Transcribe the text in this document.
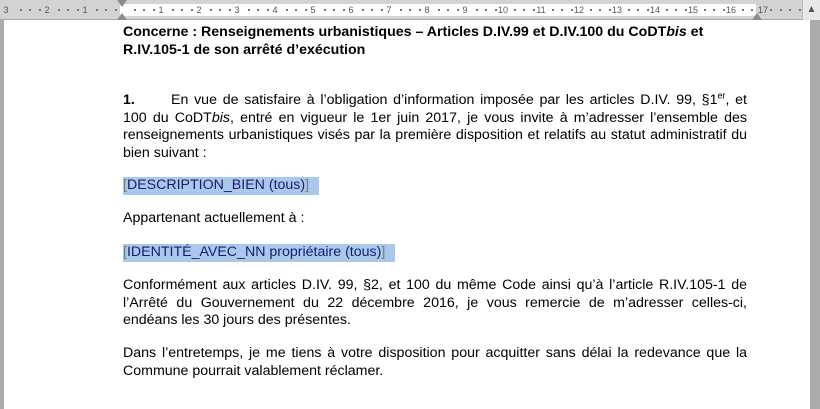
3	2	1	1	2	3	4	5	6	7	8	9	10	11	12	13	14	15	16 17	▲
Concerne : Renseignements urbanistiques – Articles D.IV.99 et D.IV.100 du CoDTbis et
R.IV.105-1 de son arrêté d’exécution

1.	En vue de satisfaire à l’obligation d’information imposée par les articles D.IV. 99, §1er, et 100 du CoDTbis, entré en vigueur le 1er juin 2017, je vous invite à m’adresser l’ensemble des renseignements urbanistiques visés par la première disposition et relatifs au statut administratif du bien suivant :

[DESCRIPTION_BIEN (tous)]
Appartenant actuellement à :
[IDENTITÉ_AVEC_NN propriétaire (tous)]

Conformément aux articles D.IV. 99, §2, et 100 du même Code ainsi qu’à l’article R.IV.105-1 de l’Arrêté du Gouvernement du 22 décembre 2016, je vous remercie de m’adresser celles-ci, endéans les 30 jours des présentes.

Dans l’entretemps, je me tiens à votre disposition pour acquitter sans délai la redevance que la Commune pourrait valablement réclamer.
